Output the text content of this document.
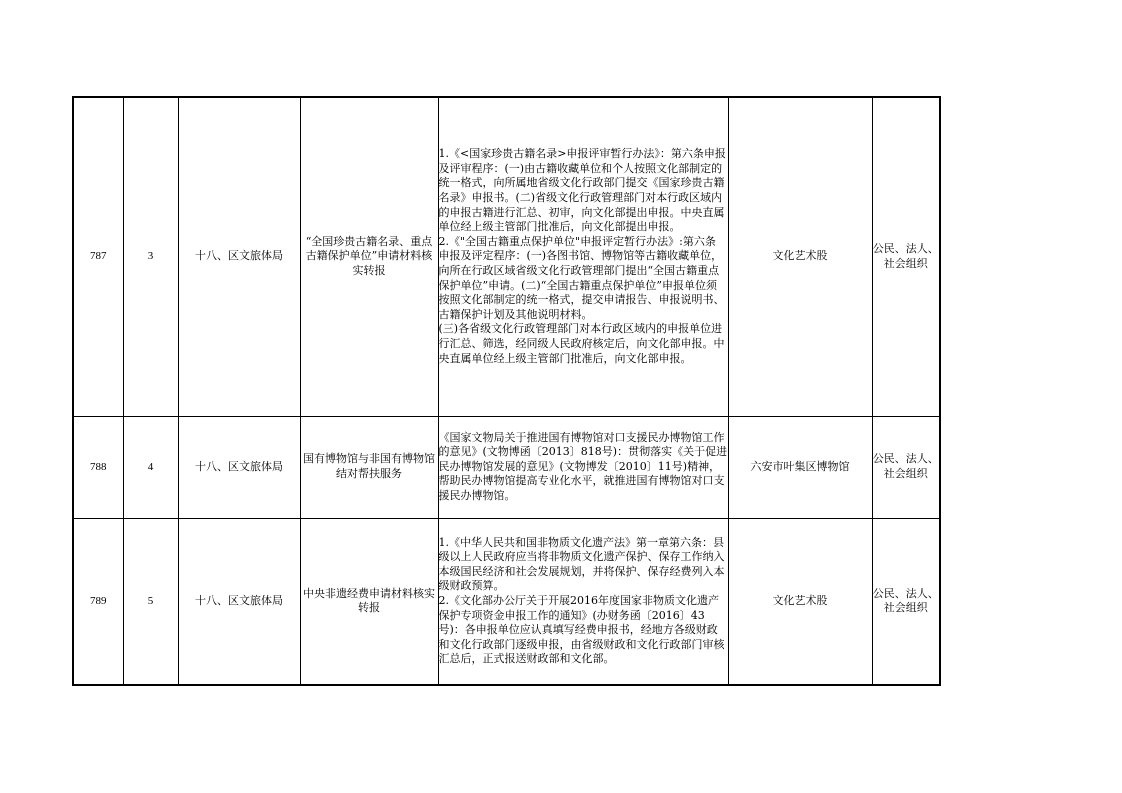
787	3	十八、区文旅体局	“全国珍贵古籍名录、重点古籍保护单位”申请材料核实转报	1.《<国家珍贵古籍名录>申报评审暂行办法》：第六条申报及评审程序：(一)由古籍收藏单位和个人按照文化部制定的统一格式，向所属地省级文化行政部门提交《国家珍贵古籍名录》申报书。(二)省级文化行政管理部门对本行政区域内的申报古籍进行汇总、初审，向文化部提出申报。中央直属单位经上级主管部门批准后，向文化部提出申报。
2.《"全国古籍重点保护单位"申报评定暂行办法》:第六条 申报及评定程序：(一)各图书馆、博物馆等古籍收藏单位，向所在行政区域省级文化行政管理部门提出“全国古籍重点保护单位”申请。(二)“全国古籍重点保护单位”申报单位须按照文化部制定的统一格式，提交申请报告、申报说明书、古籍保护计划及其他说明材料。
(三)各省级文化行政管理部门对本行政区域内的申报单位进行汇总、筛选，经同级人民政府核定后，向文化部申报。中央直属单位经上级主管部门批准后，向文化部申报。	文化艺术股	公民、法人、社会组织
788	4	十八、区文旅体局	国有博物馆与非国有博物馆结对帮扶服务	《国家文物局关于推进国有博物馆对口支援民办博物馆工作的意见》(文物博函〔2013〕818号)：贯彻落实《关于促进民办博物馆发展的意见》(文物博发〔2010〕11号)精神，帮助民办博物馆提高专业化水平，就推进国有博物馆对口支援民办博物馆。	六安市叶集区博物馆	公民、法人、社会组织
789	5	十八、区文旅体局	中央非遗经费申请材料核实转报	1.《中华人民共和国非物质文化遗产法》第一章第六条：县级以上人民政府应当将非物质文化遗产保护、保存工作纳入本级国民经济和社会发展规划，并将保护、保存经费列入本级财政预算。
2.《文化部办公厅关于开展2016年度国家非物质文化遗产保护专项资金申报工作的通知》(办财务函〔2016〕43号)：各申报单位应认真填写经费申报书，经地方各级财政和文化行政部门逐级申报，由省级财政和文化行政部门审核汇总后，正式报送财政部和文化部。	文化艺术股	公民、法人、社会组织
